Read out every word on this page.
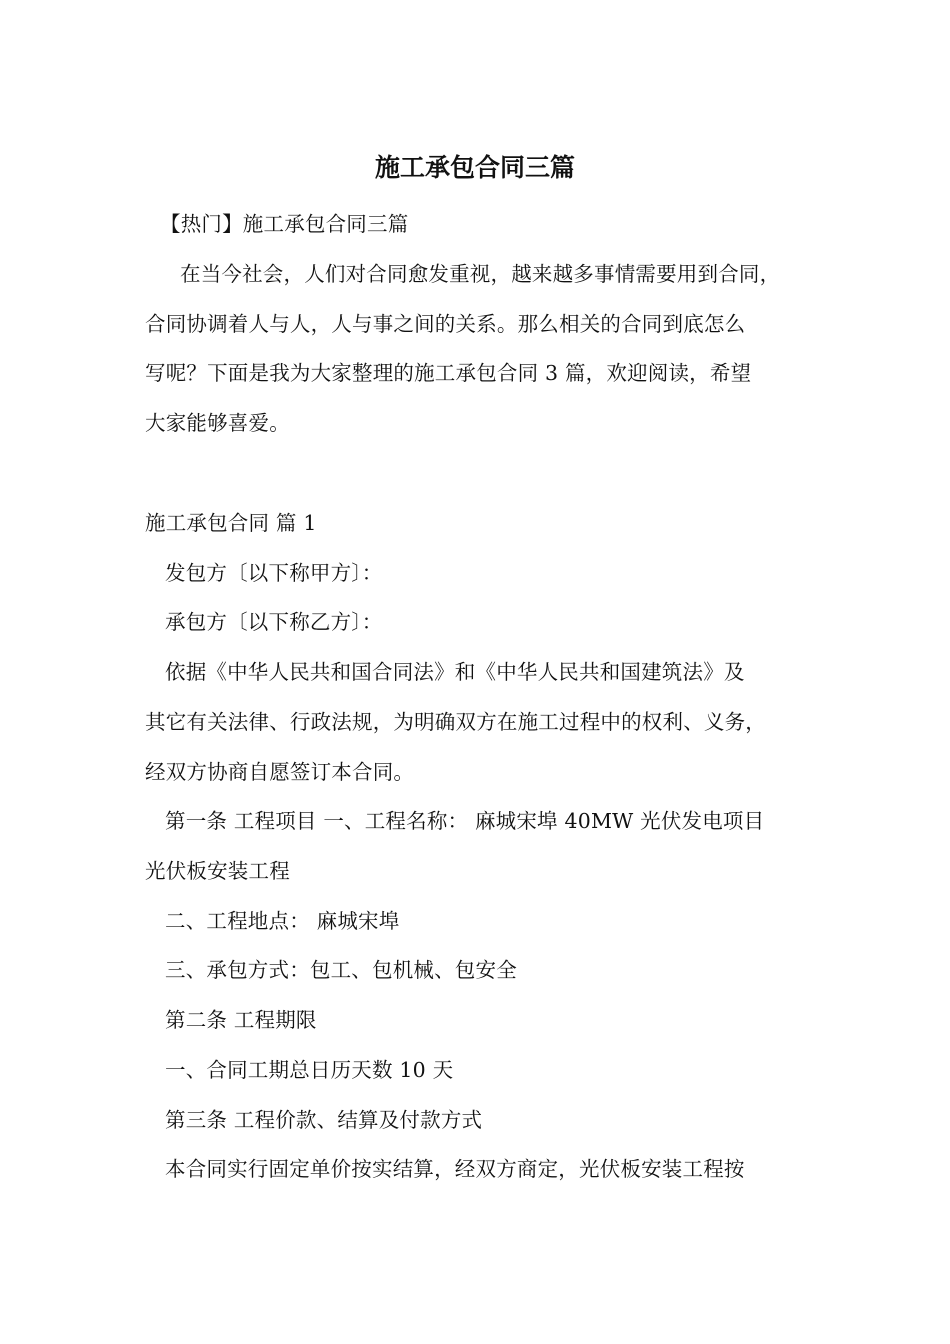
施工承包合同三篇
【热门】施工承包合同三篇
在当今社会，人们对合同愈发重视，越来越多事情需要用到合同，
合同协调着人与人，人与事之间的关系。那么相关的合同到底怎么
写呢？下面是我为大家整理的施工承包合同 3 篇，欢迎阅读，希望
大家能够喜爱。
施工承包合同 篇 1
发包方〔以下称甲方〕：
承包方〔以下称乙方〕：
依据《中华人民共和国合同法》和《中华人民共和国建筑法》及
其它有关法律、行政法规，为明确双方在施工过程中的权利、义务，
经双方协商自愿签订本合同。
第一条 工程项目 一、工程名称： 麻城宋埠 40MW 光伏发电项目
光伏板安装工程
二、工程地点： 麻城宋埠
三、承包方式：包工、包机械、包安全
第二条 工程期限
一、合同工期总日历天数 10 天
第三条 工程价款、结算及付款方式
本合同实行固定单价按实结算，经双方商定，光伏板安装工程按
